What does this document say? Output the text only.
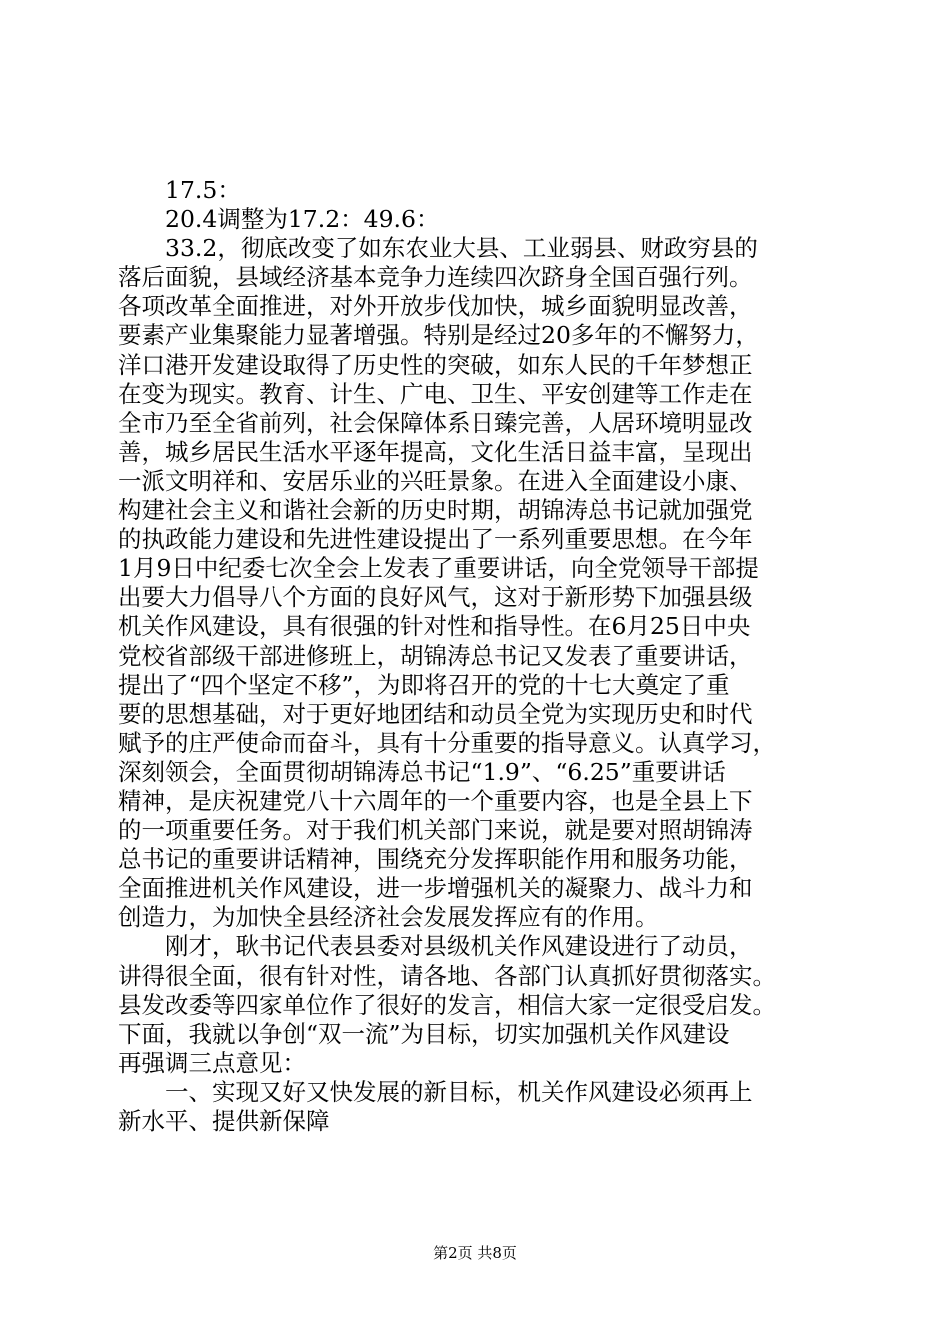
　　17.5：
　　20.4调整为17.2：49.6：
　　33.2，彻底改变了如东农业大县、工业弱县、财政穷县的
落后面貌，县域经济基本竞争力连续四次跻身全国百强行列。
各项改革全面推进，对外开放步伐加快，城乡面貌明显改善，
要素产业集聚能力显著增强。特别是经过20多年的不懈努力，
洋口港开发建设取得了历史性的突破，如东人民的千年梦想正
在变为现实。教育、计生、广电、卫生、平安创建等工作走在
全市乃至全省前列，社会保障体系日臻完善，人居环境明显改
善，城乡居民生活水平逐年提高，文化生活日益丰富，呈现出
一派文明祥和、安居乐业的兴旺景象。在进入全面建设小康、
构建社会主义和谐社会新的历史时期，胡锦涛总书记就加强党
的执政能力建设和先进性建设提出了一系列重要思想。在今年
1月9日中纪委七次全会上发表了重要讲话，向全党领导干部提
出要大力倡导八个方面的良好风气，这对于新形势下加强县级
机关作风建设，具有很强的针对性和指导性。在6月25日中央
党校省部级干部进修班上，胡锦涛总书记又发表了重要讲话，
提出了“四个坚定不移”，为即将召开的党的十七大奠定了重
要的思想基础，对于更好地团结和动员全党为实现历史和时代
赋予的庄严使命而奋斗，具有十分重要的指导意义。认真学习，
深刻领会，全面贯彻胡锦涛总书记“1.9”、“6.25”重要讲话
精神，是庆祝建党八十六周年的一个重要内容，也是全县上下
的一项重要任务。对于我们机关部门来说，就是要对照胡锦涛
总书记的重要讲话精神，围绕充分发挥职能作用和服务功能，
全面推进机关作风建设，进一步增强机关的凝聚力、战斗力和
创造力，为加快全县经济社会发展发挥应有的作用。
　　刚才，耿书记代表县委对县级机关作风建设进行了动员，
讲得很全面，很有针对性，请各地、各部门认真抓好贯彻落实。
县发改委等四家单位作了很好的发言，相信大家一定很受启发。
下面，我就以争创“双一流”为目标，切实加强机关作风建设
再强调三点意见：
　　一、实现又好又快发展的新目标，机关作风建设必须再上
新水平、提供新保障
第2页 共8页
